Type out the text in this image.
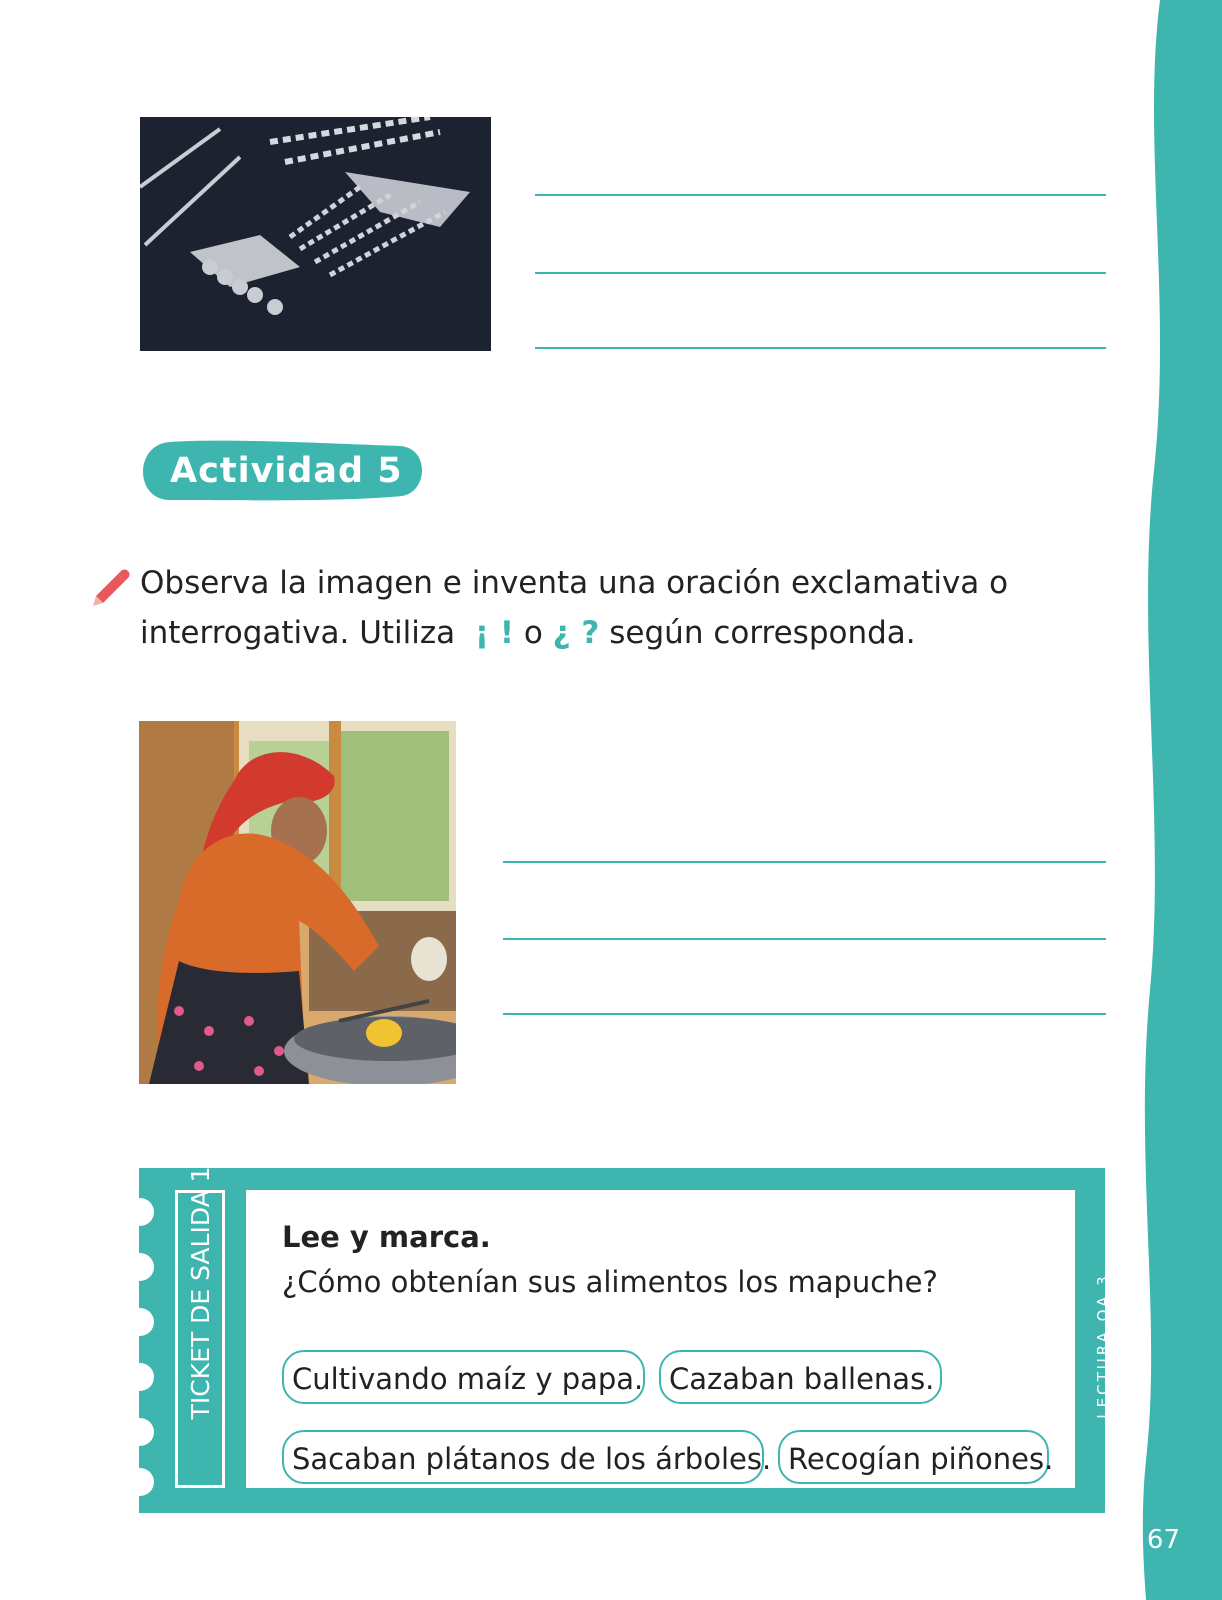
67
Actividad 5
Observa la imagen e inventa una oración exclamativa o
interrogativa. Utiliza ¡ ! o ¿ ? según corresponda.
TICKET DE SALIDA 122	Lee y marca.
¿Cómo obtenían sus alimentos los mapuche?
Cultivando maíz y papa. Cazaban ballenas.
Sacaban plátanos de los árboles. Recogían piñones.
LECTURA OA 3
